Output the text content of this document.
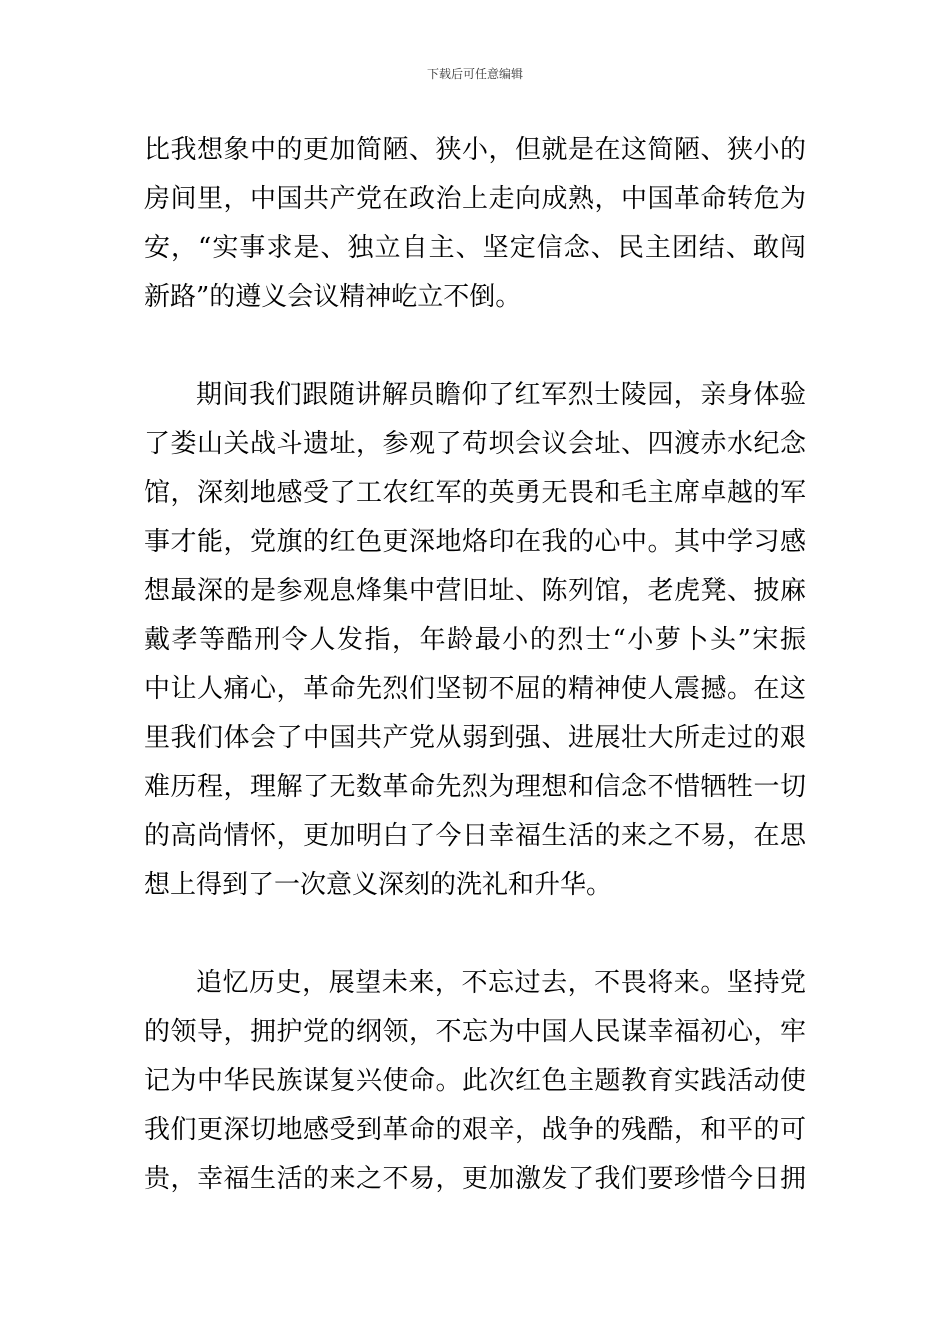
下载后可任意编辑
比我想象中的更加简陋、狭小，但就是在这简陋、狭小的
房间里，中国共产党在政治上走向成熟，中国革命转危为
安，“实事求是、独立自主、坚定信念、民主团结、敢闯
新路”的遵义会议精神屹立不倒。
期间我们跟随讲解员瞻仰了红军烈士陵园，亲身体验
了娄山关战斗遗址，参观了苟坝会议会址、四渡赤水纪念
馆，深刻地感受了工农红军的英勇无畏和毛主席卓越的军
事才能，党旗的红色更深地烙印在我的心中。其中学习感
想最深的是参观息烽集中营旧址、陈列馆，老虎凳、披麻
戴孝等酷刑令人发指，年龄最小的烈士“小萝卜头”宋振
中让人痛心，革命先烈们坚韧不屈的精神使人震撼。在这
里我们体会了中国共产党从弱到强、进展壮大所走过的艰
难历程，理解了无数革命先烈为理想和信念不惜牺牲一切
的高尚情怀，更加明白了今日幸福生活的来之不易，在思
想上得到了一次意义深刻的洗礼和升华。
追忆历史，展望未来，不忘过去，不畏将来。坚持党
的领导，拥护党的纲领，不忘为中国人民谋幸福初心，牢
记为中华民族谋复兴使命。此次红色主题教育实践活动使
我们更深切地感受到革命的艰辛，战争的残酷，和平的可
贵，幸福生活的来之不易，更加激发了我们要珍惜今日拥
